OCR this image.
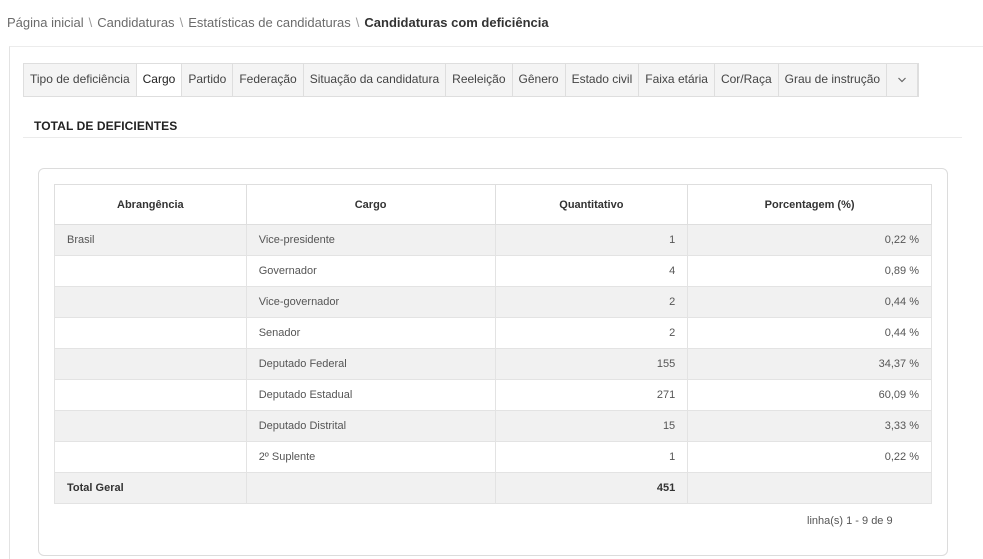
Página inicial \ Candidaturas \ Estatísticas de candidaturas \ Candidaturas com deficiência
Tipo de deficiência	Cargo	Partido	Federação	Situação da candidatura	Reeleição	Gênero	Estado civil	Faixa etária	Cor/Raça	Grau de instrução
TOTAL DE DEFICIENTES
Abrangência	Cargo	Quantitativo	Porcentagem (%)
Brasil	Vice-presidente	1	0,22 %
	Governador	4	0,89 %
	Vice-governador	2	0,44 %
	Senador	2	0,44 %
	Deputado Federal	155	34,37 %
	Deputado Estadual	271	60,09 %
	Deputado Distrital	15	3,33 %
	2º Suplente	1	0,22 %
Total Geral		451	
linha(s) 1 - 9 de 9
